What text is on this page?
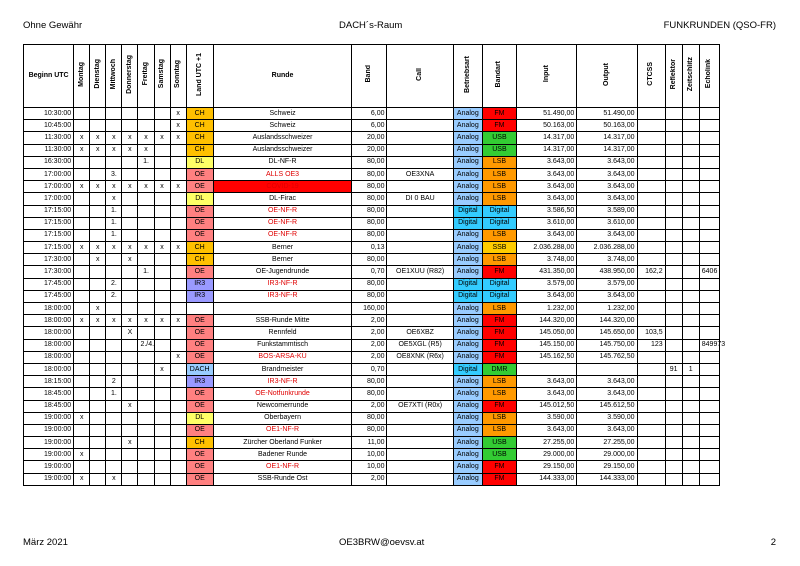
Ohne Gewähr	DACH´s-Raum	FUNKRUNDEN (QSO-FR)
Beginn UTC	Montag	Dienstag	Mittwoch	Donnerstag	Freitag	Samstag	Sonntag	Land UTC +1	Runde	Band	Call	Betriebsart	Bandart	Input	Output	CTCSS	Reflektor	Zeitschlitz	Echolink
10:30:00							x	CH	Schweiz	6,00		Analog	FM	51.490,00	51.490,00				
10:45:00							x	CH	Schweiz	6,00		Analog	FM	50.163,00	50.163,00				
11:30:00	x	x	x	x	x	x	x	CH	Auslandsschweizer	20,00		Analog	USB	14.317,00	14.317,00				
11:30:00	x	x	x	x	x			CH	Auslandsschweizer	20,00		Analog	USB	14.317,00	14.317,00				
16:30:00					1.			DL	DL-NF-R	80,00		Analog	LSB	3.643,00	3.643,00				
17:00:00			3.					OE	ALLS OE3	80,00	OE3XNA	Analog	LSB	3.643,00	3.643,00				
17:00:00	x	x	x	x	x	x	x	OE	COVID-19	80,00		Analog	LSB	3.643,00	3.643,00				
17:00:00			x					DL	DL-Firac	80,00	DI 0 BAU	Analog	LSB	3.643,00	3.643,00				
17:15:00			1.					OE	OE-NF-R	80,00		Digital	Digital	3.586,50	3.589,00				
17:15:00			1.					OE	OE-NF-R	80,00		Digital	Digital	3.610,00	3.610,00				
17:15:00			1.					OE	OE-NF-R	80,00		Analog	LSB	3.643,00	3.643,00				
17:15:00	x	x	x	x	x	x	x	CH	Berner	0,13		Analog	SSB	2.036.288,00	2.036.288,00				
17:30:00		x		x				CH	Berner	80,00		Analog	LSB	3.748,00	3.748,00				
17:30:00					1.			OE	OE-Jugendrunde	0,70	OE1XUU (R82)	Analog	FM	431.350,00	438.950,00	162,2			6406
17:45:00			2.					IR3	IR3-NF-R	80,00		Digital	Digital	3.579,00	3.579,00				
17:45:00			2.					IR3	IR3-NF-R	80,00		Digital	Digital	3.643,00	3.643,00				
18:00:00		x								160,00		Analog	LSB	1.232,00	1.232,00				
18:00:00	x	x	x	x	x	x	x	OE	SSB-Runde Mitte	2,00		Analog	FM	144.320,00	144.320,00				
18:00:00				X				OE	Rennfeld	2,00	OE6XBZ	Analog	FM	145.050,00	145.650,00	103,5			
18:00:00					2./4.			OE	Funkstammtisch	2,00	OE5XGL (R5)	Analog	FM	145.150,00	145.750,00	123			849973
18:00:00							x	OE	BOS-ARSA-KÜ	2,00	OE8XNK (R6x)	Analog	FM	145.162,50	145.762,50				
18:00:00						x		DACH	Brandmeister	0,70		Digital	DMR				91	1	
18:15:00			2					IR3	IR3-NF-R	80,00		Analog	LSB	3.643,00	3.643,00				
18:45:00			1.					OE	OE-Notfunkrunde	80,00		Analog	LSB	3.643,00	3.643,00				
18:45:00				x				OE	Newcomerrunde	2,00	OE7XTI (R0x)	Analog	FM	145.012,50	145.612,50				
19:00:00	x							DL	Oberbayern	80,00		Analog	LSB	3.590,00	3.590,00				
19:00:00								OE	OE1-NF-R	80,00		Analog	LSB	3.643,00	3.643,00				
19:00:00				x				CH	Zürcher Oberland Funker	11,00		Analog	USB	27.255,00	27.255,00				
19:00:00	x							OE	Badener Runde	10,00		Analog	USB	29.000,00	29.000,00				
19:00:00								OE	OE1-NF-R	10,00		Analog	FM	29.150,00	29.150,00				
19:00:00	x		x					OE	SSB-Runde Ost	2,00		Analog	FM	144.333,00	144.333,00				
März 2021	OE3BRW@oevsv.at	2
